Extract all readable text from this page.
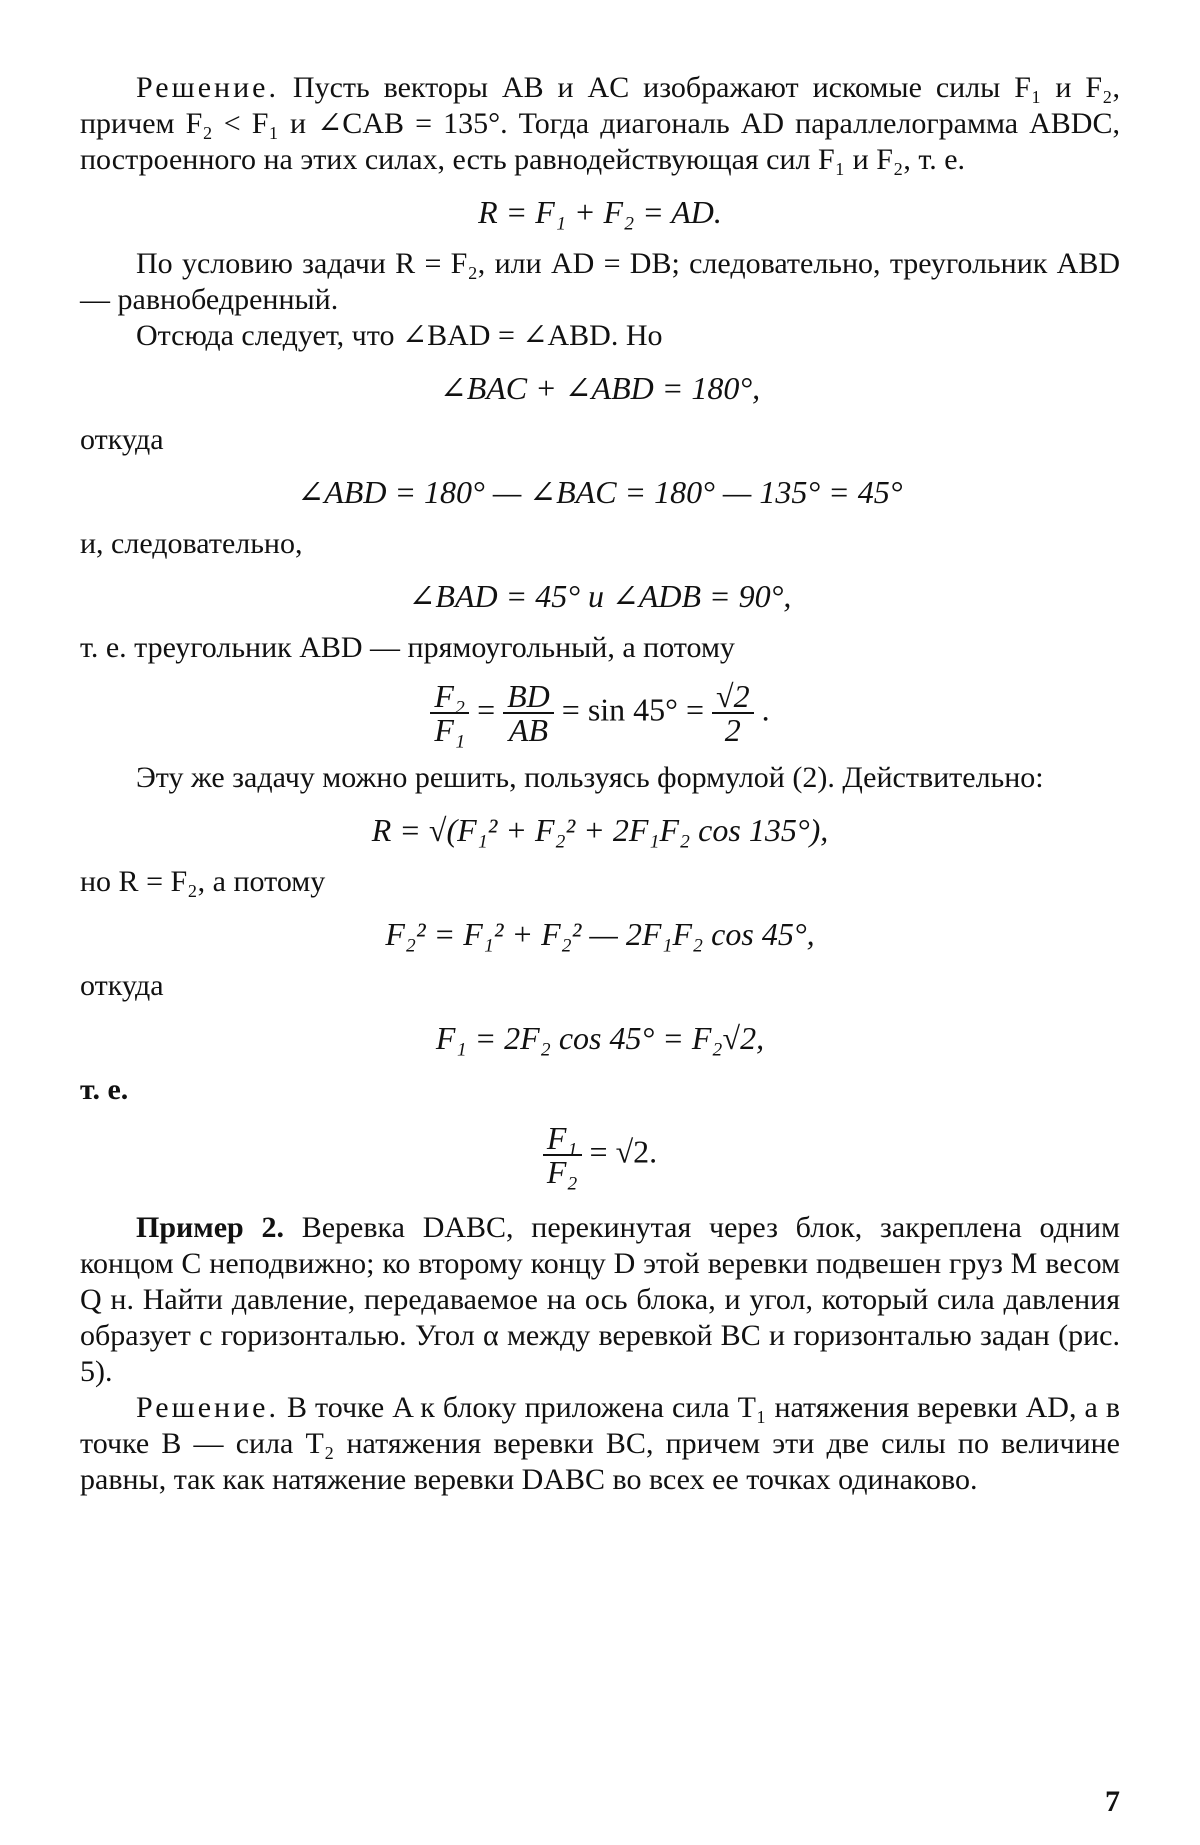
Решение. Пусть векторы AB и AC изображают искомые силы F₁ и F₂, причем F₂ < F₁ и ∠CAB = 135°. Тогда диагональ AD параллелограмма ABDC, построенного на этих силах, есть равнодействующая сил F₁ и F₂, т. е.

R = F₁ + F₂ = AD.

По условию задачи R = F₂, или AD = DB; следовательно, треугольник ABD — равнобедренный.

Отсюда следует, что ∠BAD = ∠ABD. Но

∠BAC + ∠ABD = 180°,

откуда

∠ABD = 180° — ∠BAC = 180° — 135° = 45°

и, следовательно,

∠BAD = 45° и ∠ADB = 90°,

т. е. треугольник ABD — прямоугольный, а потому

$\frac{\text{F₂}}{\text{F₁}} = \frac{BD}{AB} = \sin 45^\circ = \frac{√2}{2}$ .

Эту же задачу можно решить, пользуясь формулой (2). Действительно:

R = √(F₁² + F₂² + 2F₁F₂ cos 135°),

но R = F₂, а потому

F₂² = F₁² + F₂² — 2F₁F₂ cos 45°,

откуда

F₁ = 2F₂ cos 45° = F₂√2,

т. е.

$\frac{\text{F₁}}{\text{F₂}} = √2$.

Пример 2. Веревка DABC, перекинутая через блок, закреплена одним концом C неподвижно; ко второму концу D этой веревки подвешен груз M весом Q н. Найти давление, передаваемое на ось блока, и угол, который сила давления образует с горизонталью. Угол α между веревкой BC и горизонталью задан (рис. 5).

Решение. В точке A к блоку приложена сила T₁ натяжения веревки AD, а в точке B — сила T₂ натяжения веревки BC, причем эти две силы по величине равны, так как натяжение веревки DABC во всех ее точках одинаково.

7
